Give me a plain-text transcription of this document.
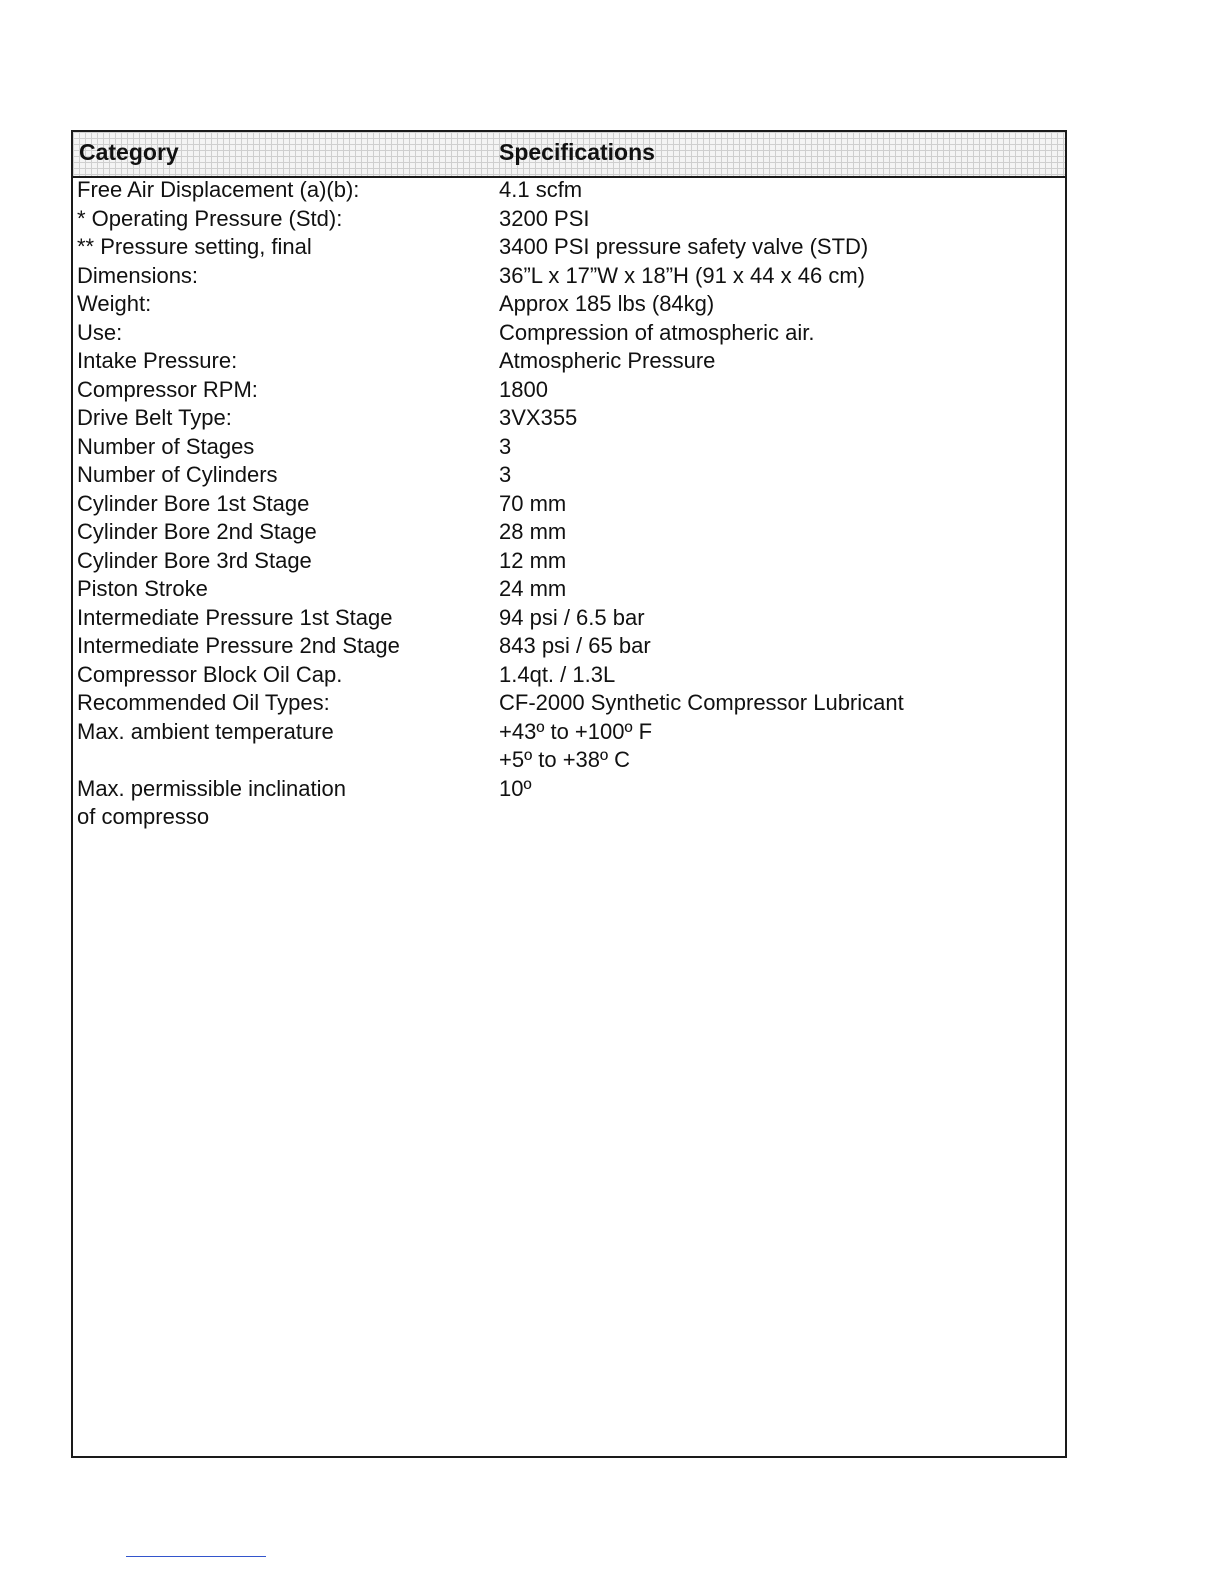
Category	Specifications
Free Air Displacement (a)(b):	4.1 scfm
* Operating Pressure (Std):	3200 PSI
** Pressure setting, final	3400 PSI pressure safety valve (STD)
Dimensions:	36”L x 17”W x 18”H (91 x 44 x 46 cm)
Weight:	Approx 185 lbs (84kg)
Use:	Compression of atmospheric air.
Intake Pressure:	Atmospheric Pressure
Compressor RPM:	1800
Drive Belt Type:	3VX355
Number of Stages	3
Number of Cylinders	3
Cylinder Bore 1st Stage	70 mm
Cylinder Bore 2nd Stage	28 mm
Cylinder Bore 3rd Stage	12 mm
Piston Stroke	24 mm
Intermediate Pressure 1st Stage	94 psi / 6.5 bar
Intermediate Pressure 2nd Stage	843 psi / 65 bar
Compressor Block Oil Cap.	1.4qt. / 1.3L
Recommended Oil Types:	CF-2000 Synthetic Compressor Lubricant
Max. ambient temperature	+43º to +100º F
+5º to +38º C
Max. permissible inclination	10º
of compresso
